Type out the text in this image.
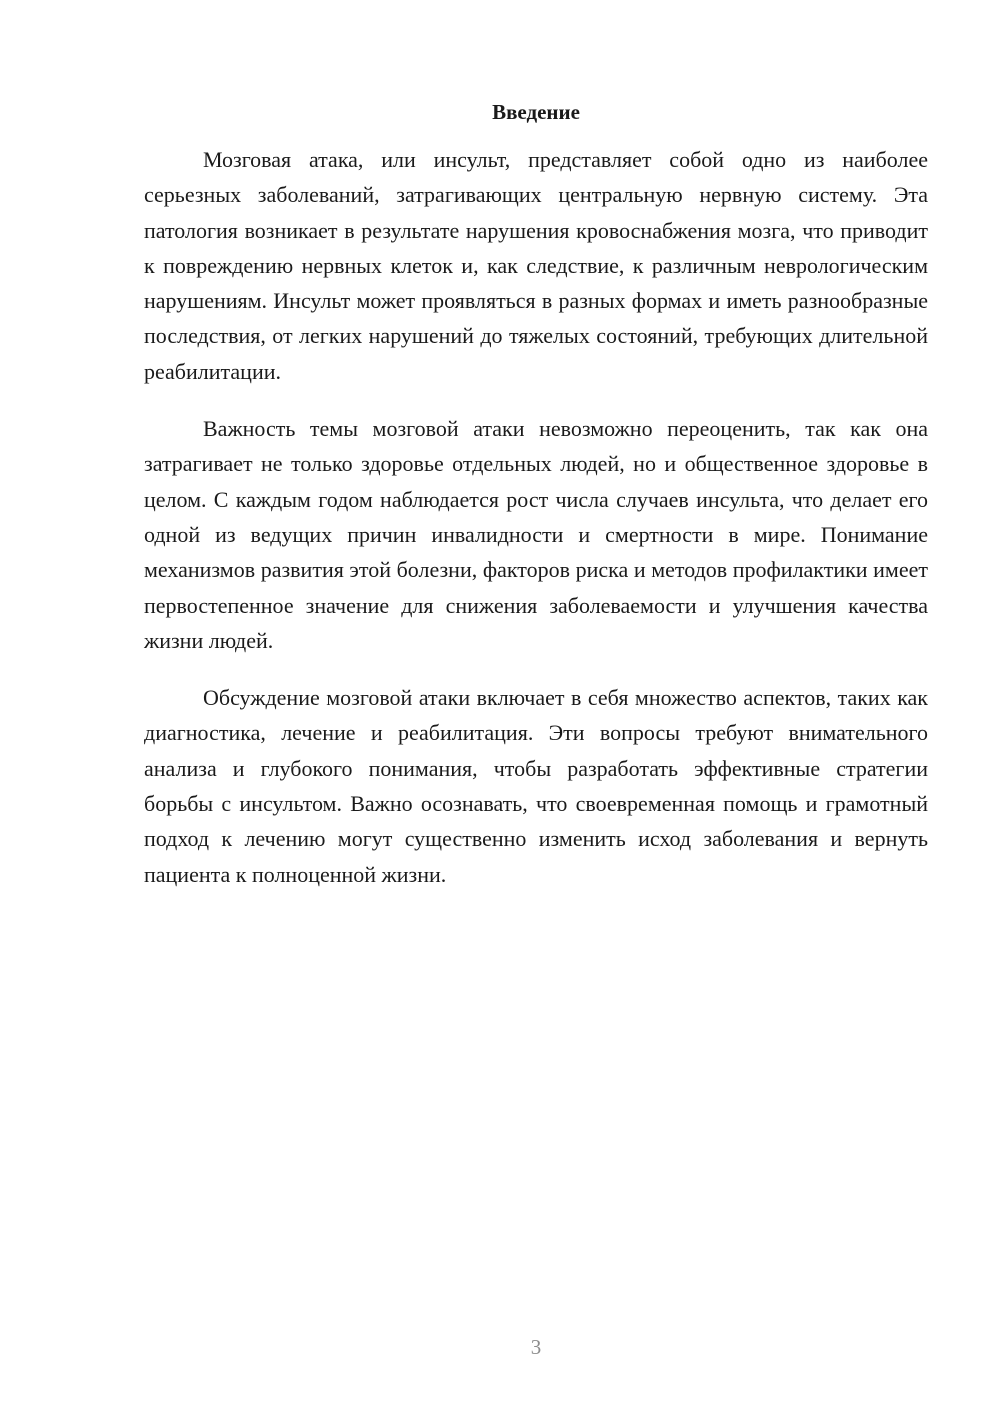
Введение

Мозговая атака, или инсульт, представляет собой одно из наиболее серьезных заболеваний, затрагивающих центральную нервную систему. Эта патология возникает в результате нарушения кровоснабжения мозга, что приводит к повреждению нервных клеток и, как следствие, к различным неврологическим нарушениям. Инсульт может проявляться в разных формах и иметь разнообразные последствия, от легких нарушений до тяжелых состояний, требующих длительной реабилитации.

Важность темы мозговой атаки невозможно переоценить, так как она затрагивает не только здоровье отдельных людей, но и общественное здоровье в целом. С каждым годом наблюдается рост числа случаев инсульта, что делает его одной из ведущих причин инвалидности и смертности в мире. Понимание механизмов развития этой болезни, факторов риска и методов профилактики имеет первостепенное значение для снижения заболеваемости и улучшения качества жизни людей.

Обсуждение мозговой атаки включает в себя множество аспектов, таких как диагностика, лечение и реабилитация. Эти вопросы требуют внимательного анализа и глубокого понимания, чтобы разработать эффективные стратегии борьбы с инсультом. Важно осознавать, что своевременная помощь и грамотный подход к лечению могут существенно изменить исход заболевания и вернуть пациента к полноценной жизни.

3
